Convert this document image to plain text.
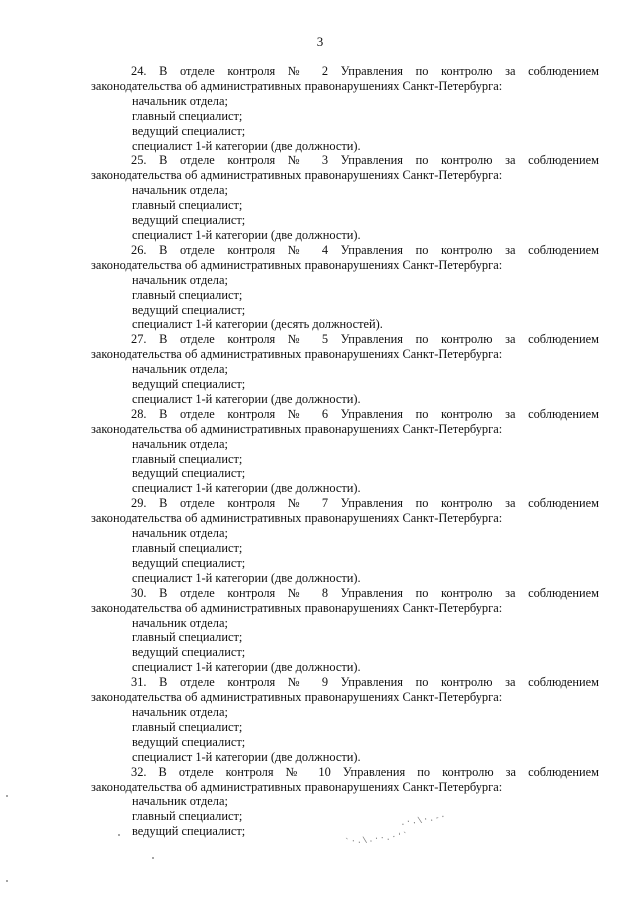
3
24. В отделе контроля № 2 Управления по контролю за соблюдением
законодательства об административных правонарушениях Санкт-Петербурга:
начальник отдела;
главный специалист;
ведущий специалист;
специалист 1-й категории (две должности).
25. В отделе контроля № 3 Управления по контролю за соблюдением
законодательства об административных правонарушениях Санкт-Петербурга:
начальник отдела;
главный специалист;
ведущий специалист;
специалист 1-й категории (две должности).
26. В отделе контроля № 4 Управления по контролю за соблюдением
законодательства об административных правонарушениях Санкт-Петербурга:
начальник отдела;
главный специалист;
ведущий специалист;
специалист 1-й категории (десять должностей).
27. В отделе контроля № 5 Управления по контролю за соблюдением
законодательства об административных правонарушениях Санкт-Петербурга:
начальник отдела;
ведущий специалист;
специалист 1-й категории (две должности).
28. В отделе контроля № 6 Управления по контролю за соблюдением
законодательства об административных правонарушениях Санкт-Петербурга:
начальник отдела;
главный специалист;
ведущий специалист;
специалист 1-й категории (две должности).
29. В отделе контроля № 7 Управления по контролю за соблюдением
законодательства об административных правонарушениях Санкт-Петербурга:
начальник отдела;
главный специалист;
ведущий специалист;
специалист 1-й категории (две должности).
30. В отделе контроля № 8 Управления по контролю за соблюдением
законодательства об административных правонарушениях Санкт-Петербурга:
начальник отдела;
главный специалист;
ведущий специалист;
специалист 1-й категории (две должности).
31. В отделе контроля № 9 Управления по контролю за соблюдением
законодательства об административных правонарушениях Санкт-Петербурга:
начальник отдела;
главный специалист;
ведущий специалист;
специалист 1-й категории (две должности).
32. В отделе контроля № 10 Управления по контролю за соблюдением
законодательства об административных правонарушениях Санкт-Петербурга:
начальник отдела;
главный специалист;
ведущий специалист;
.·.\·.-·
`·.\.··.·'`
